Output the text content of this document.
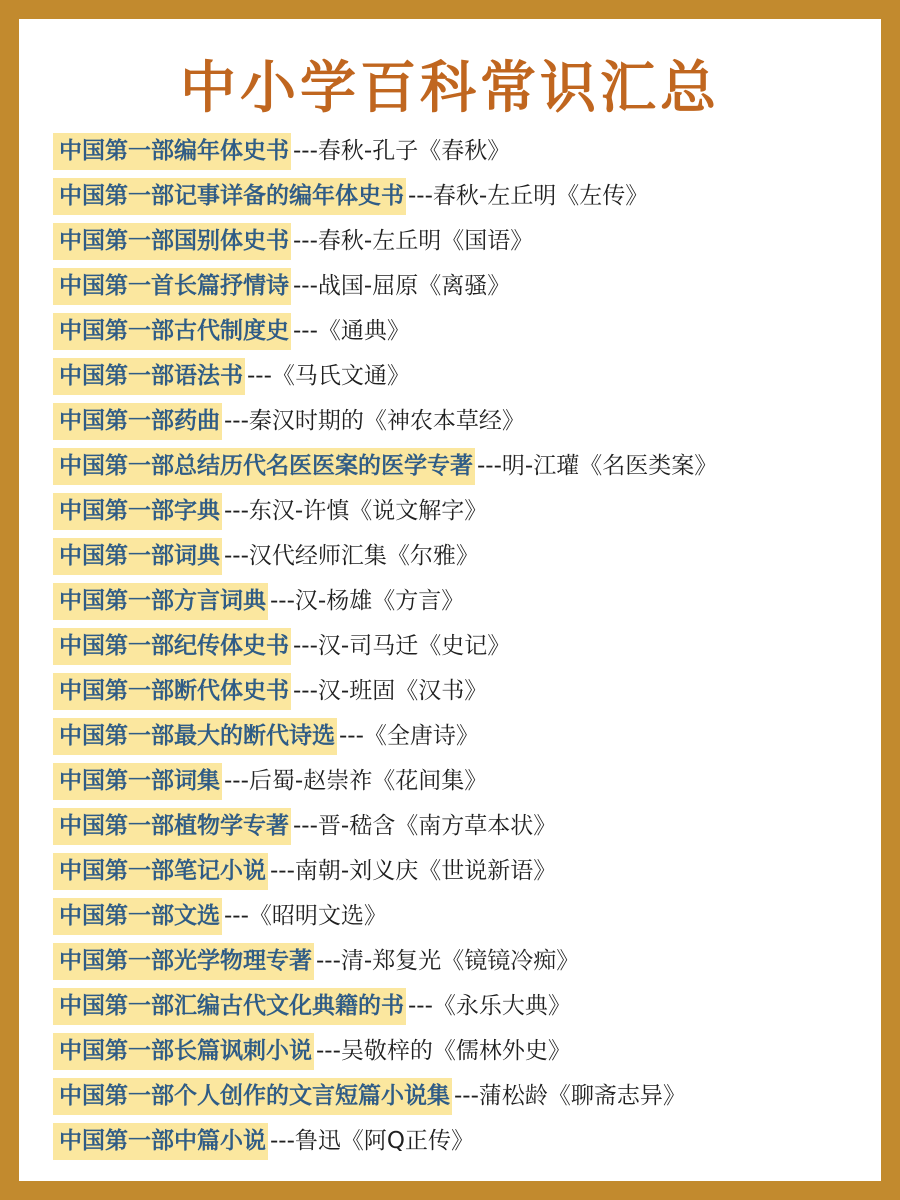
中小学百科常识汇总
中国第一部编年体史书 ---春秋-孔子《春秋》
中国第一部记事详备的编年体史书 ---春秋-左丘明《左传》
中国第一部国别体史书 ---春秋-左丘明《国语》
中国第一首长篇抒情诗 ---战国-屈原《离骚》
中国第一部古代制度史 ---《通典》
中国第一部语法书 ---《马氏文通》
中国第一部药曲 ---秦汉时期的《神农本草经》
中国第一部总结历代名医医案的医学专著 ---明-江瓘《名医类案》
中国第一部字典 ---东汉-许慎《说文解字》
中国第一部词典 ---汉代经师汇集《尔雅》
中国第一部方言词典 ---汉-杨雄《方言》
中国第一部纪传体史书 ---汉-司马迁《史记》
中国第一部断代体史书 ---汉-班固《汉书》
中国第一部最大的断代诗选 ---《全唐诗》
中国第一部词集 ---后蜀-赵崇祚《花间集》
中国第一部植物学专著 ---晋-嵇含《南方草本状》
中国第一部笔记小说 ---南朝-刘义庆《世说新语》
中国第一部文选 ---《昭明文选》
中国第一部光学物理专著 ---清-郑复光《镜镜冷痴》
中国第一部汇编古代文化典籍的书 ---《永乐大典》
中国第一部长篇讽刺小说 ---吴敬梓的《儒林外史》
中国第一部个人创作的文言短篇小说集 ---蒲松龄《聊斋志异》
中国第一部中篇小说 ---鲁迅《阿Q正传》
